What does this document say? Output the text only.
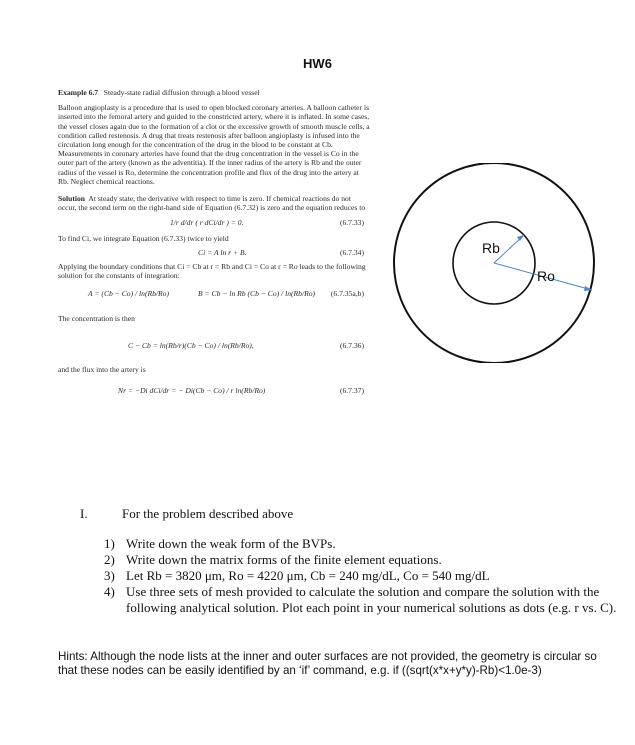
HW6

Example 6.7 Steady-state radial diffusion through a blood vessel

Balloon angioplasty is a procedure that is used to open blocked coronary arteries. A balloon catheter is inserted into the femoral artery and guided to the constricted artery, where it is inflated. In some cases, the vessel closes again due to the formation of a clot or the excessive growth of smooth muscle cells, a condition called restenosis. A drug that treats restenosis after balloon angioplasty is infused into the circulation long enough for the concentration of the drug in the blood to be constant at Cb. Measurements in coronary arteries have found that the drug concentration in the vessel is Co in the outer part of the artery (known as the adventitia). If the inner radius of the artery is Rb and the outer radius of the vessel is Ro, determine the concentration profile and flux of the drug into the artery at Rb. Neglect chemical reactions.

Solution At steady state, the derivative with respect to time is zero. If chemical reactions do not occur, the second term on the right-hand side of Equation (6.7.32) is zero and the equation reduces to

1/r d/dr ( r dCi/dr ) = 0.	(6.7.33)

To find Ci, we integrate Equation (6.7.33) twice to yield

Ci = A ln r + B.	(6.7.34)

Applying the boundary conditions that Ci = Cb at r = Rb and Ci = Co at r = Ro leads to the following solution for the constants of integration:

A = (Cb − Co) / ln(Rb/Ro)	B = Cb − ln Rb (Cb − Co) / ln(Rb/Ro) (6.7.35a,b)

The concentration is then

C − Cb = ln(Rb/r)(Cb − Co) / ln(Rb/Ro),	(6.7.36)

and the flux into the artery is

Nr = −Di dCi/dr = − Di(Cb − Co) / r ln(Rb/Ro)	(6.7.37)
Rb
Ro
I.	For the problem described above
1) Write down the weak form of the BVPs.
2) Write down the matrix forms of the finite element equations.
3) Let Rb = 3820 μm, Ro = 4220 μm, Cb = 240 mg/dL, Co = 540 mg/dL
4) Use three sets of mesh provided to calculate the solution and compare the solution with the following analytical solution. Plot each point in your numerical solutions as dots (e.g. r vs. C).
Hints: Although the node lists at the inner and outer surfaces are not provided, the geometry is circular so that these nodes can be easily identified by an ‘if’ command, e.g. if ((sqrt(x*x+y*y)-Rb)<1.0e-3)
